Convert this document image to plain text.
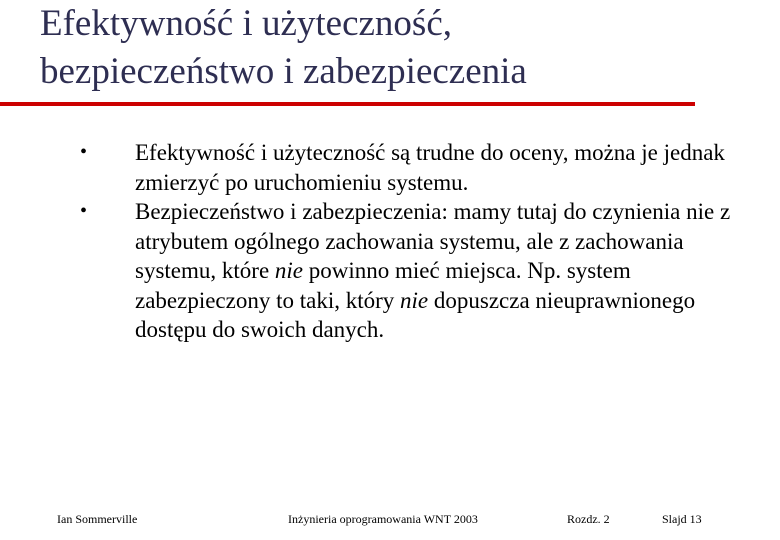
Efektywność i użyteczność,
bezpieczeństwo i zabezpieczenia
• Efektywność i użyteczność są trudne do oceny, można je jednak zmierzyć po uruchomieniu systemu.
• Bezpieczeństwo i zabezpieczenia: mamy tutaj do czynienia nie z atrybutem ogólnego zachowania systemu, ale z zachowania systemu, które nie powinno mieć miejsca. Np. system zabezpieczony to taki, który nie dopuszcza nieuprawnionego dostępu do swoich danych.
Ian Sommerville	Inżynieria oprogramowania WNT 2003	Rozdz. 2	Slajd 13
